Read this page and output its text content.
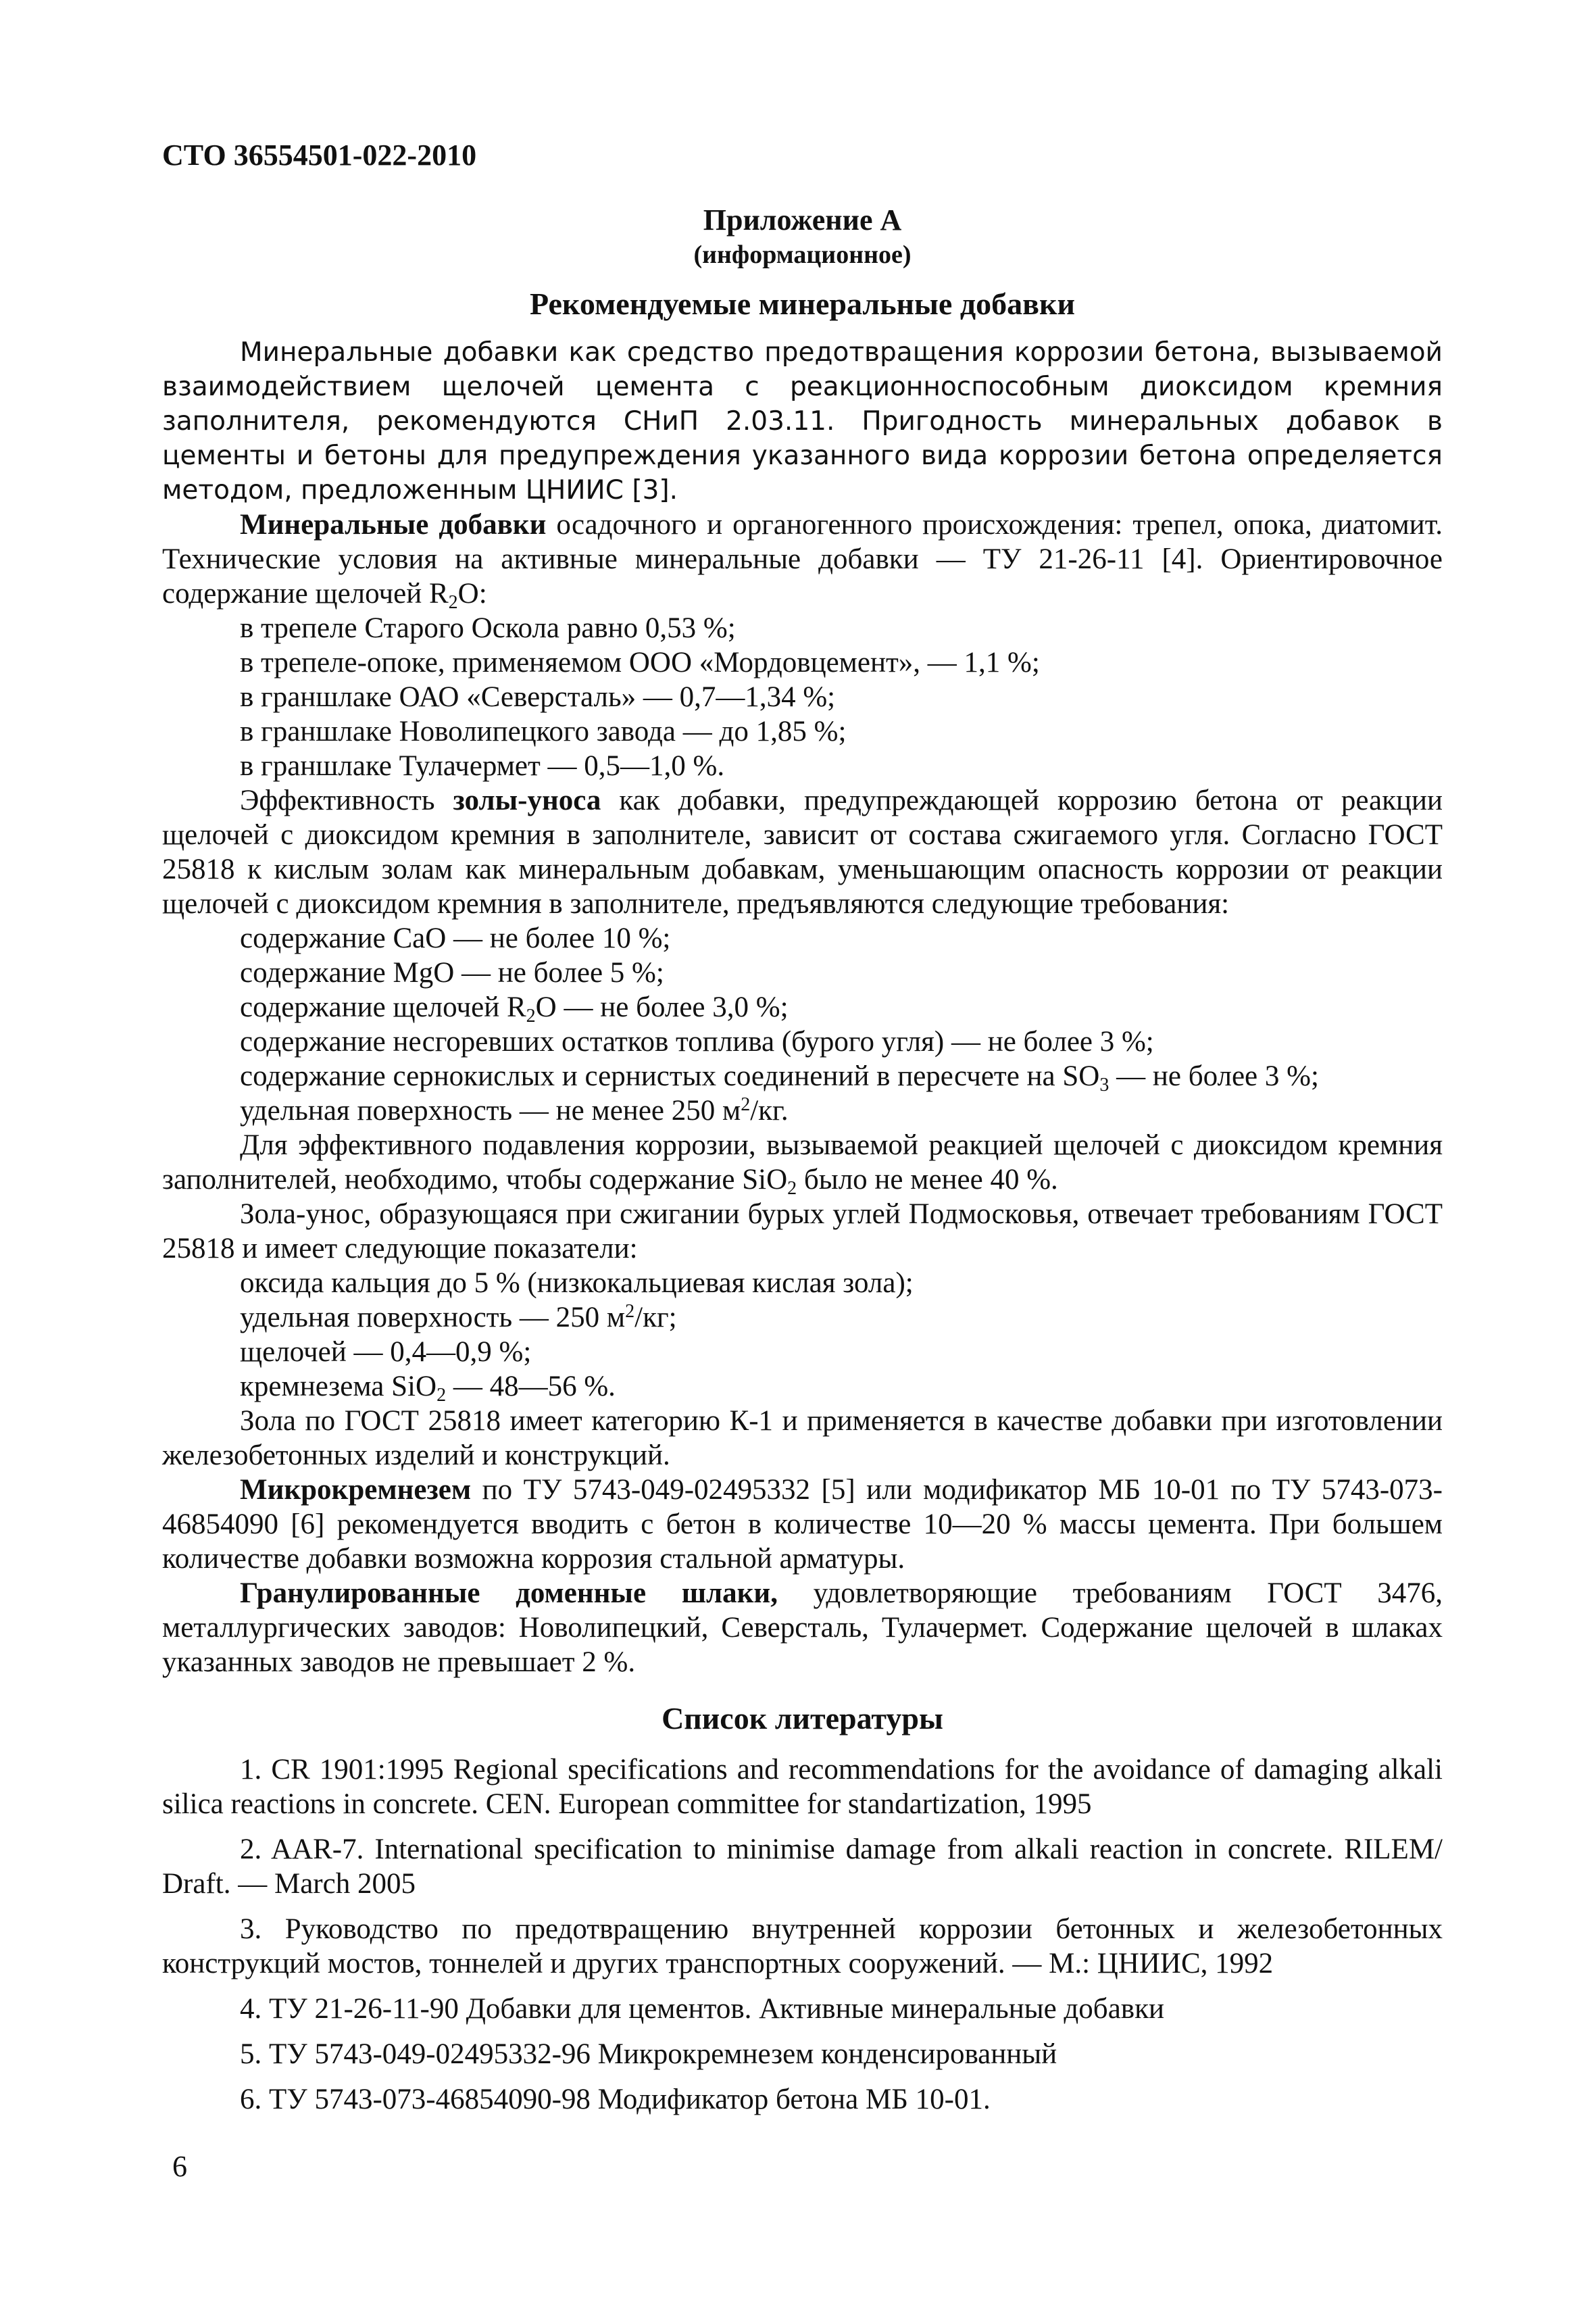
СТО 36554501-022-2010
Приложение А
(информационное)
Рекомендуемые минеральные добавки

Минеральные добавки как средство предотвращения коррозии бетона, вызываемой взаимодействием щелочей цемента с реакционноспособным диоксидом кремния заполнителя, рекомендуются СНиП 2.03.11. Пригодность минеральных добавок в цементы и бетоны для предупреждения указанного вида коррозии бетона определяется методом, предложенным ЦНИИС [3].

Минеральные добавки осадочного и органогенного происхождения: трепел, опока, диатомит. Технические условия на активные минеральные добавки — ТУ 21-26-11 [4]. Ориентировочное содержание щелочей $R_2O$:

в трепеле Старого Оскола равно 0,53 %;
в трепеле-опоке, применяемом ООО «Мордовцемент», — 1,1 %;
в граншлаке ОАО «Северсталь» — 0,7—1,34 %;
в граншлаке Новолипецкого завода — до 1,85 %;
в граншлаке Тулачермет — 0,5—1,0 %.

Эффективность золы-уноса как добавки, предупреждающей коррозию бетона от реакции щелочей с диоксидом кремния в заполнителе, зависит от состава сжигаемого угля. Согласно ГОСТ 25818 к кислым золам как минеральным добавкам, уменьшающим опасность коррозии от реакции щелочей с диоксидом кремния в заполнителе, предъявляются следующие требования:

содержание CaO — не более 10 %;
содержание MgO — не более 5 %;
содержание щелочей $R_2O$ — не более 3,0 %;
содержание несгоревших остатков топлива (бурого угля) — не более 3 %;
содержание сернокислых и сернистых соединений в пересчете на $SO_3$ — не более 3 %;
удельная поверхность — не менее 250 $м^2/кг$.

Для эффективного подавления коррозии, вызываемой реакцией щелочей с диоксидом кремния заполнителей, необходимо, чтобы содержание SiO$_2$ было не менее 40 %.

Зола-унос, образующаяся при сжигании бурых углей Подмосковья, отвечает требованиям ГОСТ 25818 и имеет следующие показатели:

оксида кальция до 5 % (низкокальциевая кислая зола);
удельная поверхность — 250 $м^2/кг$;
щелочей — 0,4—0,9 %;
кремнезема SiO$_2$ — 48—56 %.

Зола по ГОСТ 25818 имеет категорию К-1 и применяется в качестве добавки при изготовлении железобетонных изделий и конструкций.

Микрокремнезем по ТУ 5743-049-02495332 [5] или модификатор МБ 10-01 по ТУ 5743-073-46854090 [6] рекомендуется вводить с бетон в количестве 10—20 % массы цемента. При большем количестве добавки возможна коррозия стальной арматуры.

Гранулированные доменные шлаки, удовлетворяющие требованиям ГОСТ 3476, металлургических заводов: Новолипецкий, Северсталь, Тулачермет. Содержание щелочей в шлаках указанных заводов не превышает 2 %.

Список литературы

1. CR 1901:1995 Regional specifications and recommendations for the avoidance of damaging alkali silica reactions in concrete. CEN. European committee for standartization, 1995

2. AAR-7. International specification to minimise damage from alkali reaction in concrete. RILEM/ Draft. — March 2005

3. Руководство по предотвращению внутренней коррозии бетонных и железобетонных конструкций мостов, тоннелей и других транспортных сооружений. — М.: ЦНИИС, 1992

4. ТУ 21-26-11-90 Добавки для цементов. Активные минеральные добавки

5. ТУ 5743-049-02495332-96 Микрокремнезем конденсированный

6. ТУ 5743-073-46854090-98 Модификатор бетона МБ 10-01.

6
